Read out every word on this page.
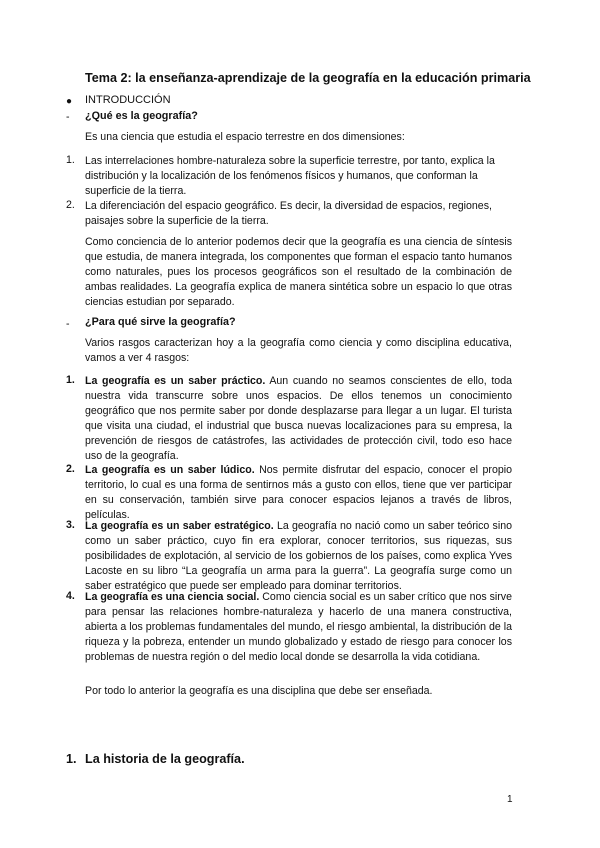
Tema 2: la enseñanza-aprendizaje de la geografía en la educación primaria
● INTRODUCCIÓN
- ¿Qué es la geografía?
Es una ciencia que estudia el espacio terrestre en dos dimensiones:
1. Las interrelaciones hombre-naturaleza sobre la superficie terrestre, por tanto, explica la distribución y la localización de los fenómenos físicos y humanos, que conforman la superficie de la tierra.
2. La diferenciación del espacio geográfico. Es decir, la diversidad de espacios, regiones, paisajes sobre la superficie de la tierra.
Como conciencia de lo anterior podemos decir que la geografía es una ciencia de síntesis que estudia, de manera integrada, los componentes que forman el espacio tanto humanos como naturales, pues los procesos geográficos son el resultado de la combinación de ambas realidades. La geografía explica de manera sintética sobre un espacio lo que otras ciencias estudian por separado.
- ¿Para qué sirve la geografía?
Varios rasgos caracterizan hoy a la geografía como ciencia y como disciplina educativa, vamos a ver 4 rasgos:
1. La geografía es un saber práctico. Aun cuando no seamos conscientes de ello, toda nuestra vida transcurre sobre unos espacios. De ellos tenemos un conocimiento geográfico que nos permite saber por donde desplazarse para llegar a un lugar. El turista que visita una ciudad, el industrial que busca nuevas localizaciones para su empresa, la prevención de riesgos de catástrofes, las actividades de protección civil, todo eso hace uso de la geografía.
2. La geografía es un saber lúdico. Nos permite disfrutar del espacio, conocer el propio territorio, lo cual es una forma de sentirnos más a gusto con ellos, tiene que ver participar en su conservación, también sirve para conocer espacios lejanos a través de libros, películas.
3. La geografía es un saber estratégico. La geografía no nació como un saber teórico sino como un saber práctico, cuyo fin era explorar, conocer territorios, sus riquezas, sus posibilidades de explotación, al servicio de los gobiernos de los países, como explica Yves Lacoste en su libro “La geografía un arma para la guerra”. La geografía surge como un saber estratégico que puede ser empleado para dominar territorios.
4. La geografía es una ciencia social. Como ciencia social es un saber crítico que nos sirve para pensar las relaciones hombre-naturaleza y hacerlo de una manera constructiva, abierta a los problemas fundamentales del mundo, el riesgo ambiental, la distribución de la riqueza y la pobreza, entender un mundo globalizado y estado de riesgo para conocer los problemas de nuestra región o del medio local donde se desarrolla la vida cotidiana.
Por todo lo anterior la geografía es una disciplina que debe ser enseñada.
1. La historia de la geografía.
1
